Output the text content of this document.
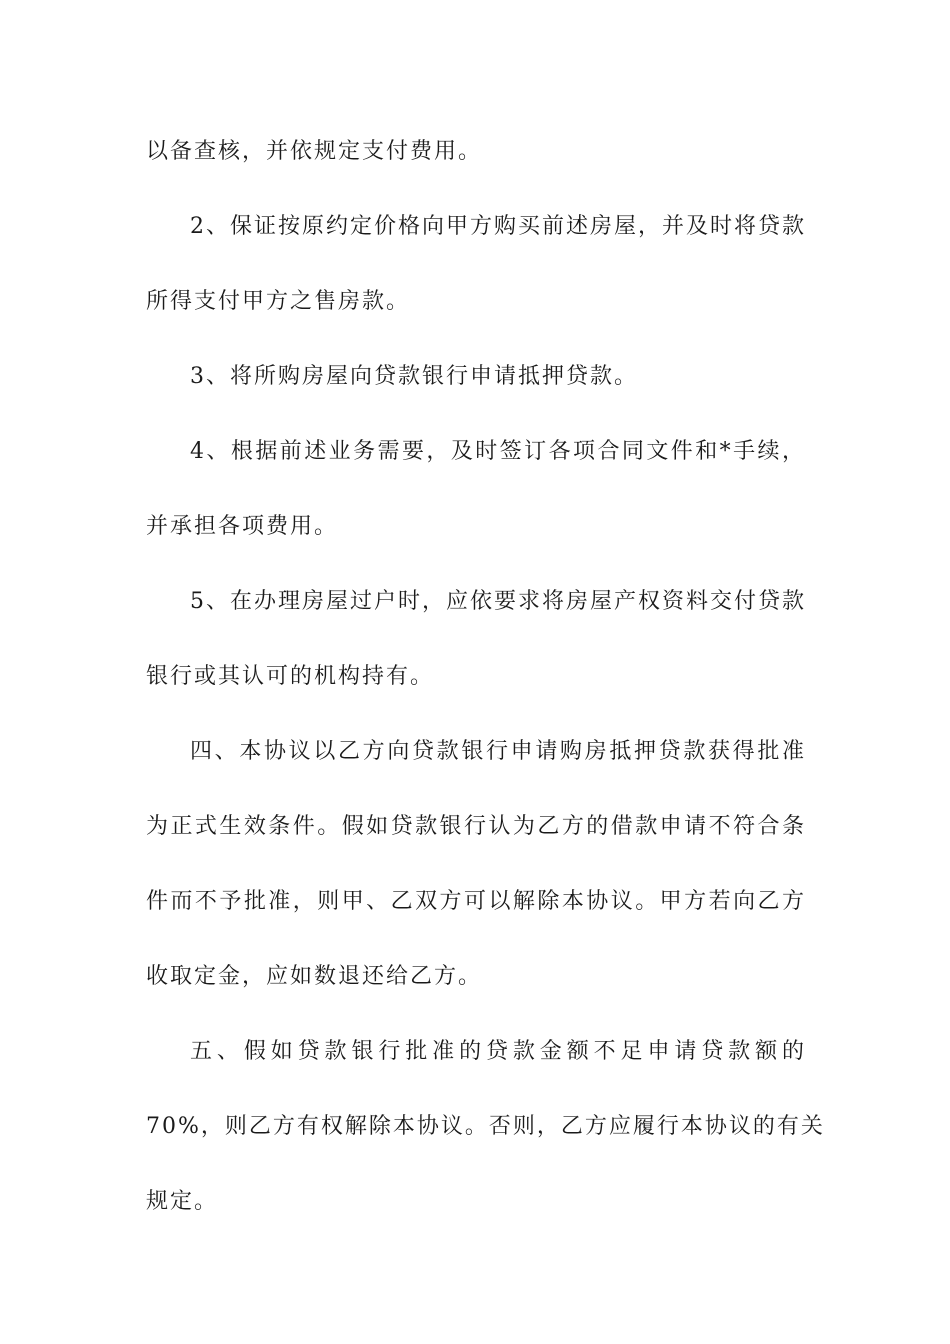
以备查核，并依规定支付费用。
2、保证按原约定价格向甲方购买前述房屋，并及时将贷款
所得支付甲方之售房款。
3、将所购房屋向贷款银行申请抵押贷款。
4、根据前述业务需要，及时签订各项合同文件和*手续，
并承担各项费用。
5、在办理房屋过户时，应依要求将房屋产权资料交付贷款
银行或其认可的机构持有。
四、本协议以乙方向贷款银行申请购房抵押贷款获得批准
为正式生效条件。假如贷款银行认为乙方的借款申请不符合条
件而不予批准，则甲、乙双方可以解除本协议。甲方若向乙方
收取定金，应如数退还给乙方。
五、假如贷款银行批准的贷款金额不足申请贷款额的
70%，则乙方有权解除本协议。否则，乙方应履行本协议的有关
规定。
